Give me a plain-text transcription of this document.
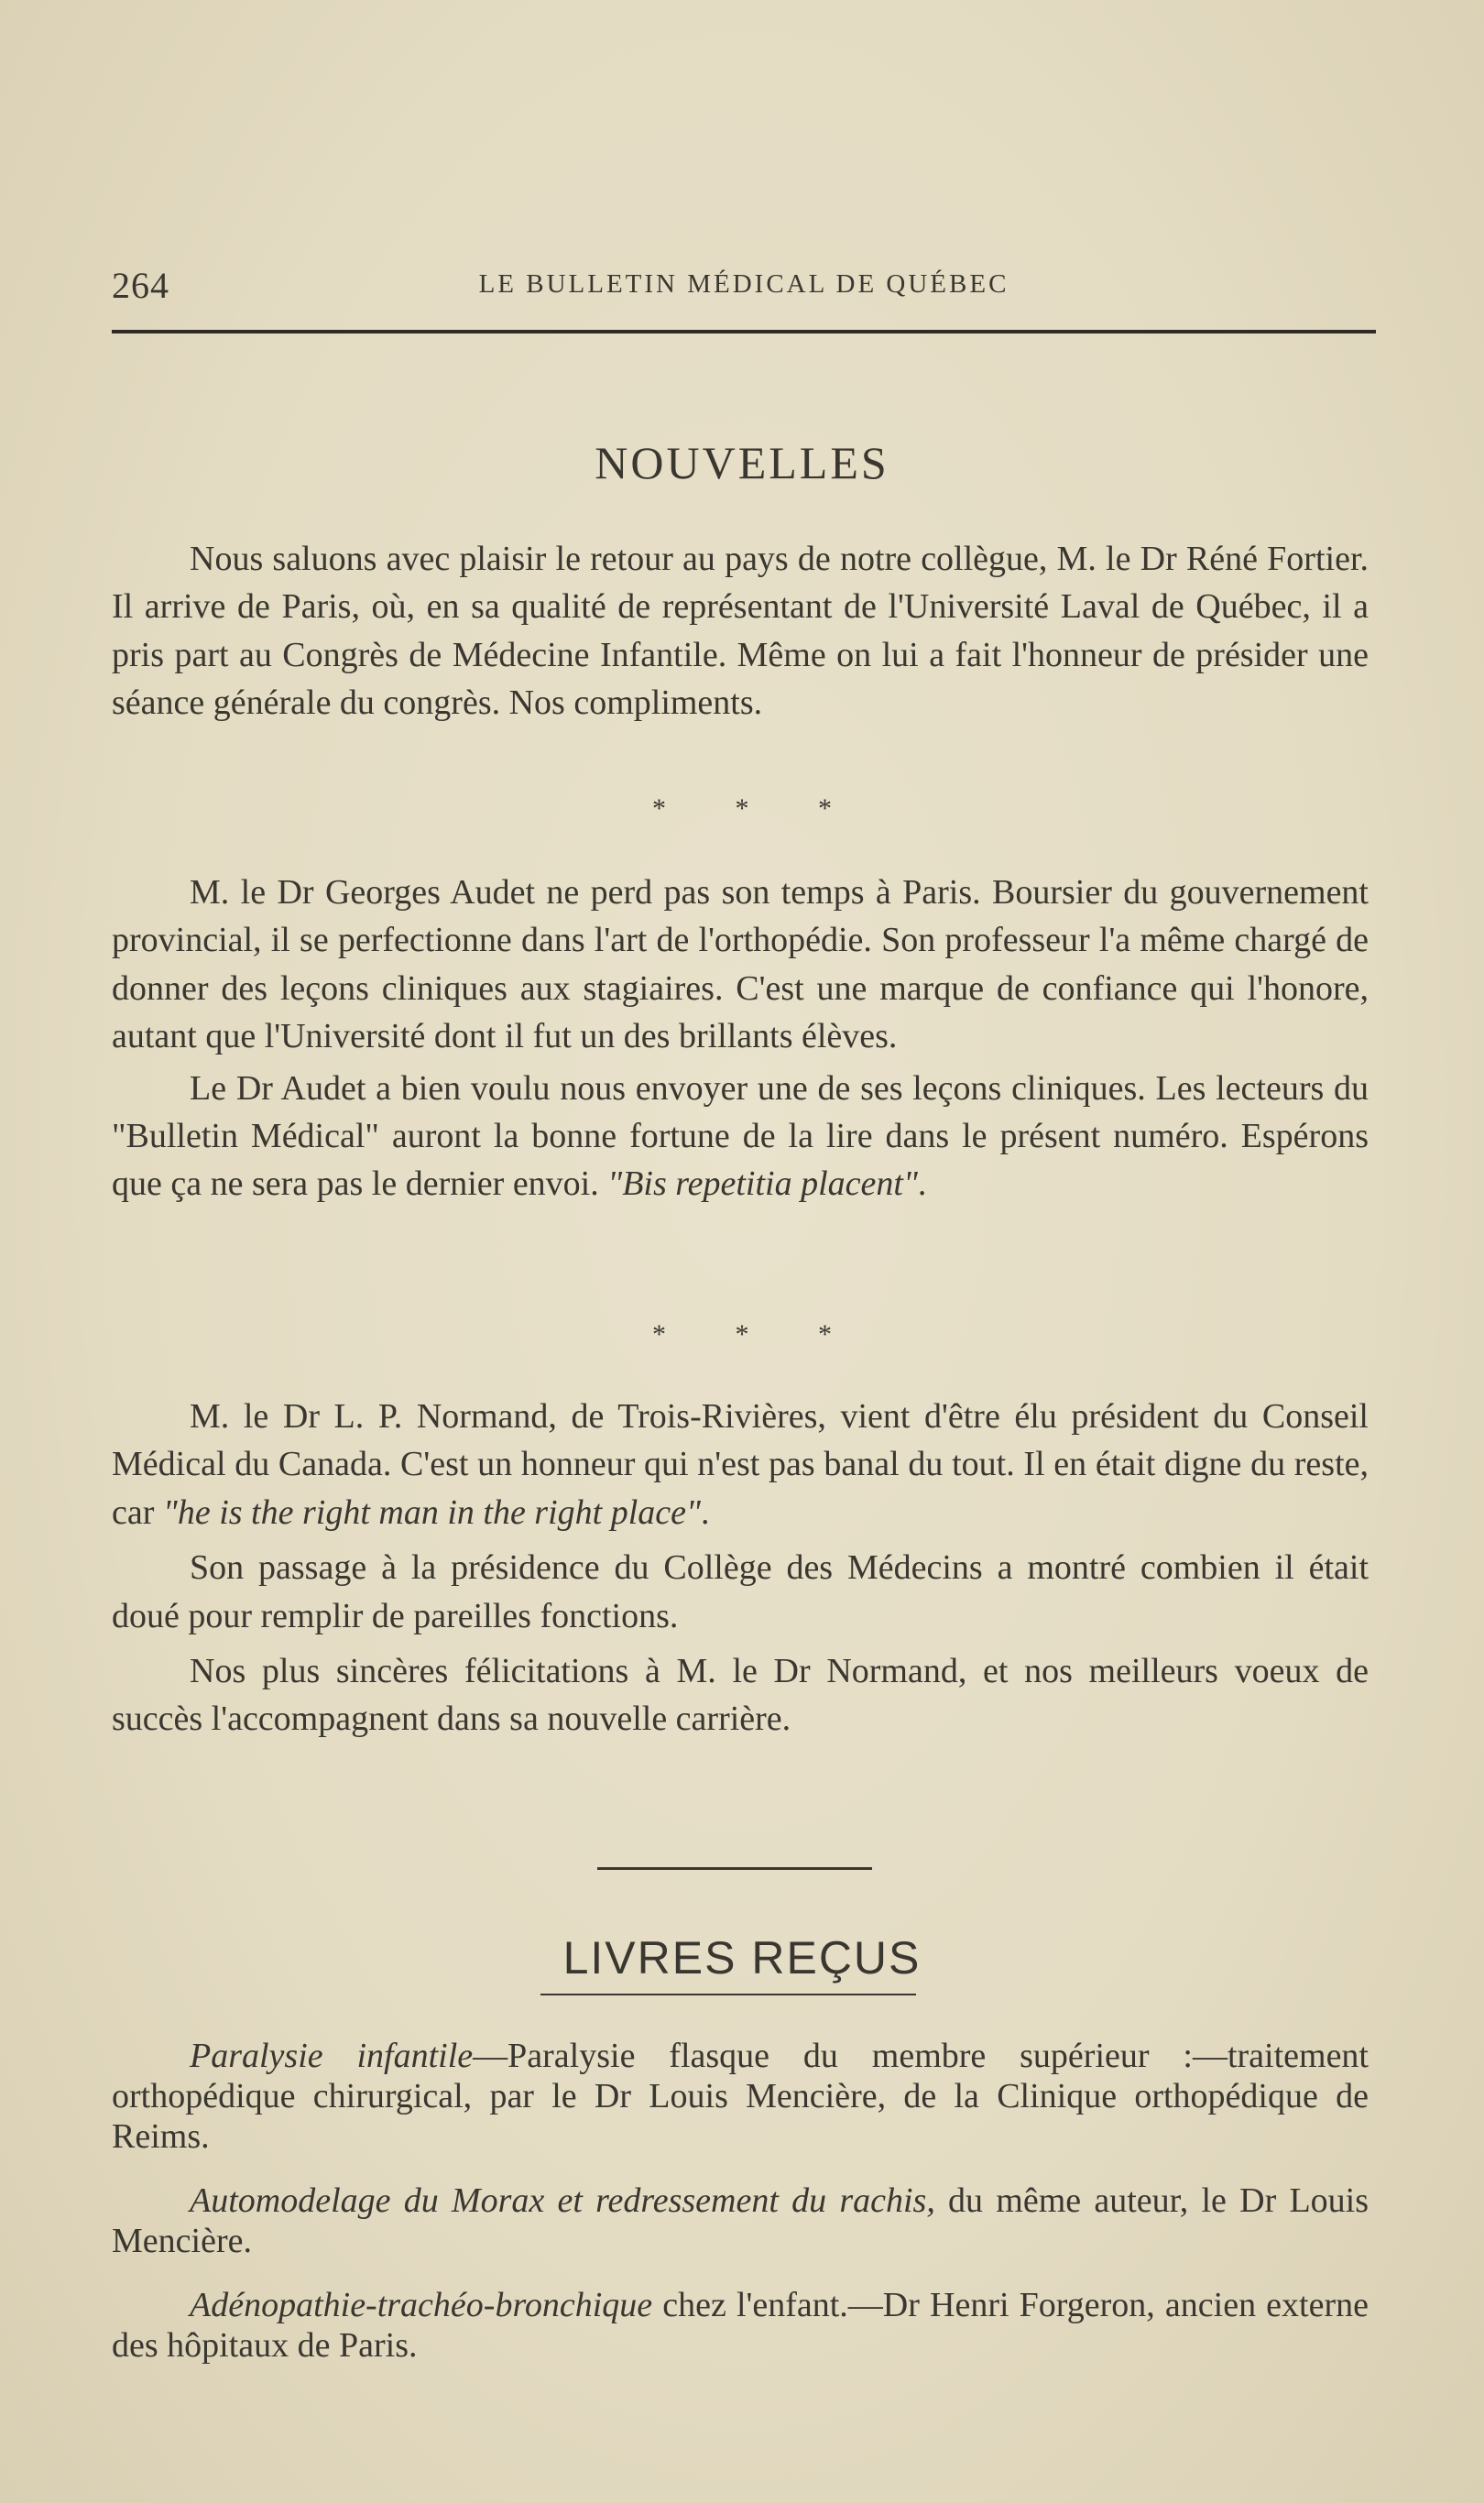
264	LE BULLETIN MÉDICAL DE QUÉBEC
NOUVELLES

Nous saluons avec plaisir le retour au pays de notre collègue, M. le Dr Réné Fortier. Il arrive de Paris, où, en sa qualité de représentant de l'Université Laval de Québec, il a pris part au Congrès de Médecine Infantile. Même on lui a fait l'honneur de présider une séance générale du congrès. Nos compliments.

* * *

M. le Dr Georges Audet ne perd pas son temps à Paris. Boursier du gouvernement provincial, il se perfectionne dans l'art de l'orthopédie. Son professeur l'a même chargé de donner des leçons cliniques aux stagiaires. C'est une marque de confiance qui l'honore, autant que l'Université dont il fut un des brillants élèves.

Le Dr Audet a bien voulu nous envoyer une de ses leçons cliniques. Les lecteurs du "Bulletin Médical" auront la bonne fortune de la lire dans le présent numéro. Espérons que ça ne sera pas le dernier envoi. "Bis repetitia placent".

* * *

M. le Dr L. P. Normand, de Trois-Rivières, vient d'être élu président du Conseil Médical du Canada. C'est un honneur qui n'est pas banal du tout. Il en était digne du reste, car "he is the right man in the right place".

Son passage à la présidence du Collège des Médecins a montré combien il était doué pour remplir de pareilles fonctions.

Nos plus sincères félicitations à M. le Dr Normand, et nos meilleurs voeux de succès l'accompagnent dans sa nouvelle carrière.

LIVRES REÇUS

Paralysie infantile—Paralysie flasque du membre supérieur :—traitement orthopédique chirurgical, par le Dr Louis Mencière, de la Clinique orthopédique de Reims.

Automodelage du Morax et redressement du rachis, du même auteur, le Dr Louis Mencière.

Adénopathie-trachéo-bronchique chez l'enfant.—Dr Henri Forgeron, ancien externe des hôpitaux de Paris.
